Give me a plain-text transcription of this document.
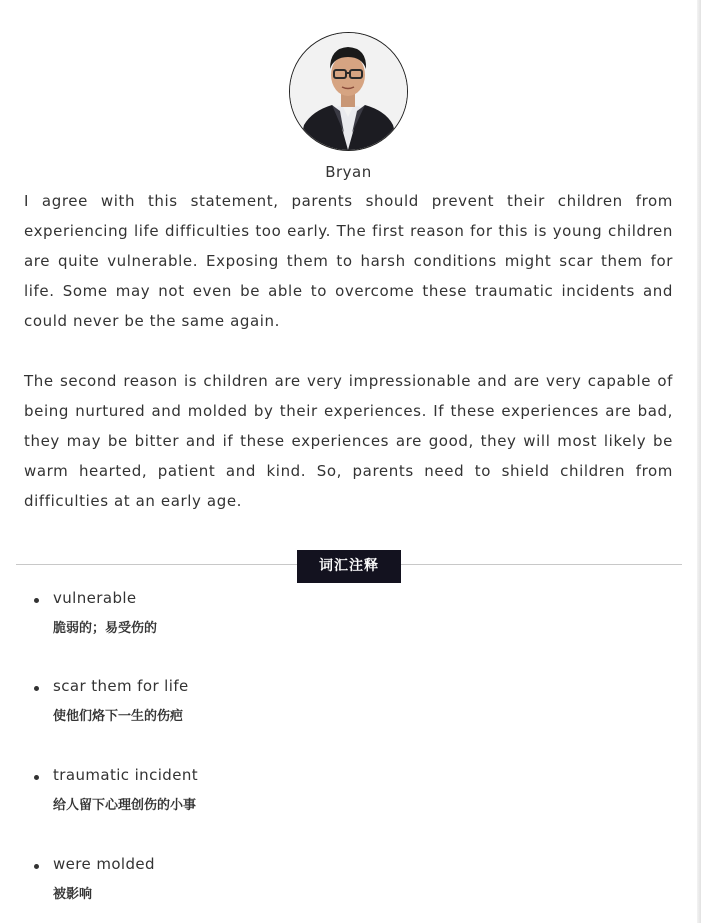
Bryan

I agree with this statement, parents should prevent their children from experiencing life difficulties too early. The first reason for this is young children are quite vulnerable. Exposing them to harsh conditions might scar them for life. Some may not even be able to overcome these traumatic incidents and could never be the same again.

The second reason is children are very impressionable and are very capable of being nurtured and molded by their experiences. If these experiences are bad, they may be bitter and if these experiences are good, they will most likely be warm hearted, patient and kind. So, parents need to shield children from difficulties at an early age.

词汇注释
vulnerable
脆弱的；易受伤的
scar them for life
使他们烙下一生的伤疤
traumatic incident
给人留下心理创伤的小事
were molded
被影响
